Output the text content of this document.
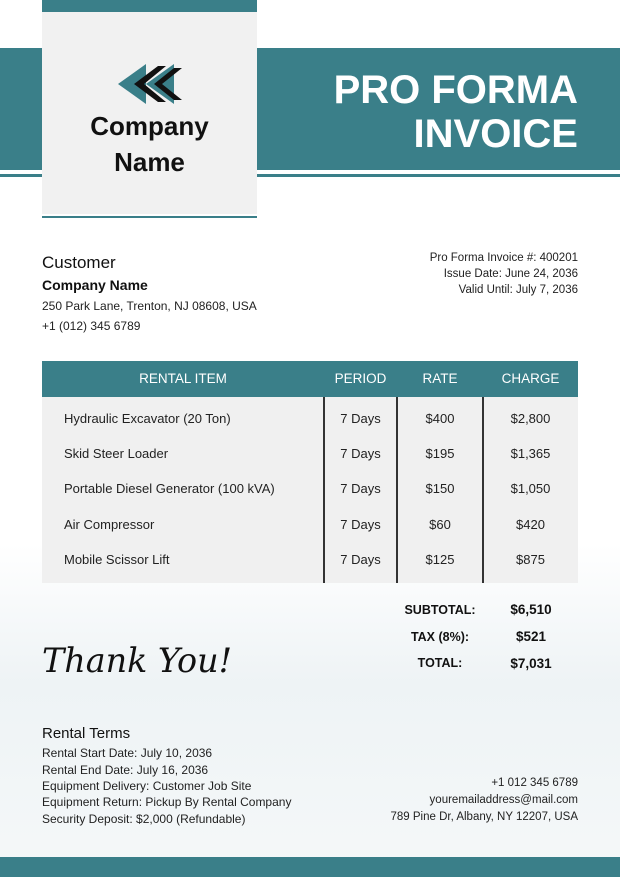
Company
Name
PRO FORMA
INVOICE
Customer
Company Name
250 Park Lane, Trenton, NJ 08608, USA
+1 (012) 345 6789
Pro Forma Invoice #: 400201
Issue Date: June 24, 2036
Valid Until: July 7, 2036
RENTAL ITEM	PERIOD	RATE	CHARGE
Hydraulic Excavator (20 Ton)	7 Days	$400	$2,800
Skid Steer Loader	7 Days	$195	$1,365
Portable Diesel Generator (100 kVA)	7 Days	$150	$1,050
Air Compressor	7 Days	$60	$420
Mobile Scissor Lift	7 Days	$125	$875
SUBTOTAL:	$6,510
TAX (8%):	$521
TOTAL:	$7,031
Thank You!
Rental Terms
Rental Start Date: July 10, 2036
Rental End Date: July 16, 2036
Equipment Delivery: Customer Job Site
Equipment Return: Pickup By Rental Company
Security Deposit: $2,000 (Refundable)
+1 012 345 6789
youremailaddress@mail.com
789 Pine Dr, Albany, NY 12207, USA
